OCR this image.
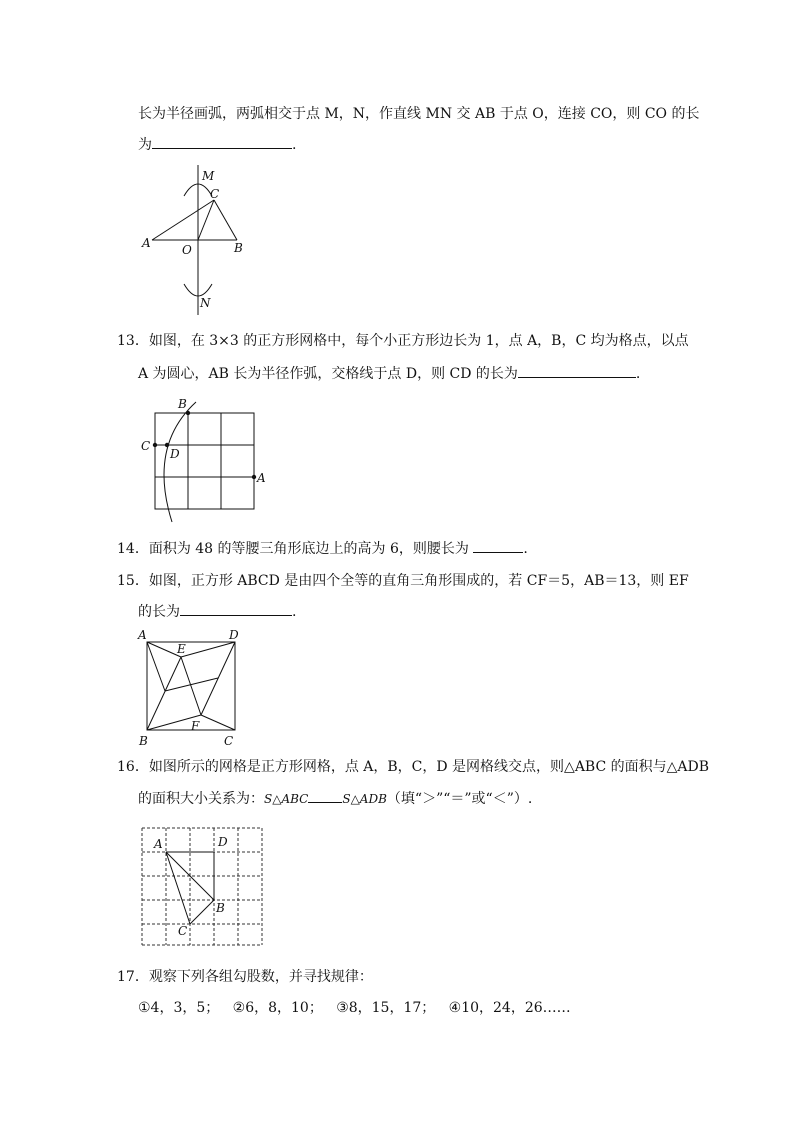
长为半径画弧，两弧相交于点 M，N，作直线 MN 交 AB 于点 O，连接 CO，则 CO 的长
为	.
M
C
A	O	B
N
13．如图，在 3×3 的正方形网格中，每个小正方形边长为 1，点 A，B，C 均为格点，以点
A 为圆心，AB 长为半径作弧，交格线于点 D，则 CD 的长为	.
B
C
D
A
14．面积为 48 的等腰三角形底边上的高为 6，则腰长为	.
15．如图，正方形 ABCD 是由四个全等的直角三角形围成的，若 CF＝5，AB＝13，则 EF
的长为	.
A	D
E
F
B	C
16．如图所示的网格是正方形网格，点 A，B，C，D 是网格线交点，则△ABC 的面积与△ADB
的面积大小关系为：S△ABC	S△ADB（填“＞”“＝”或“＜”）.
A	D
B
C
17．观察下列各组勾股数，并寻找规律：
①4，3，5； ②6，8，10； ③8，15，17； ④10，24，26……
